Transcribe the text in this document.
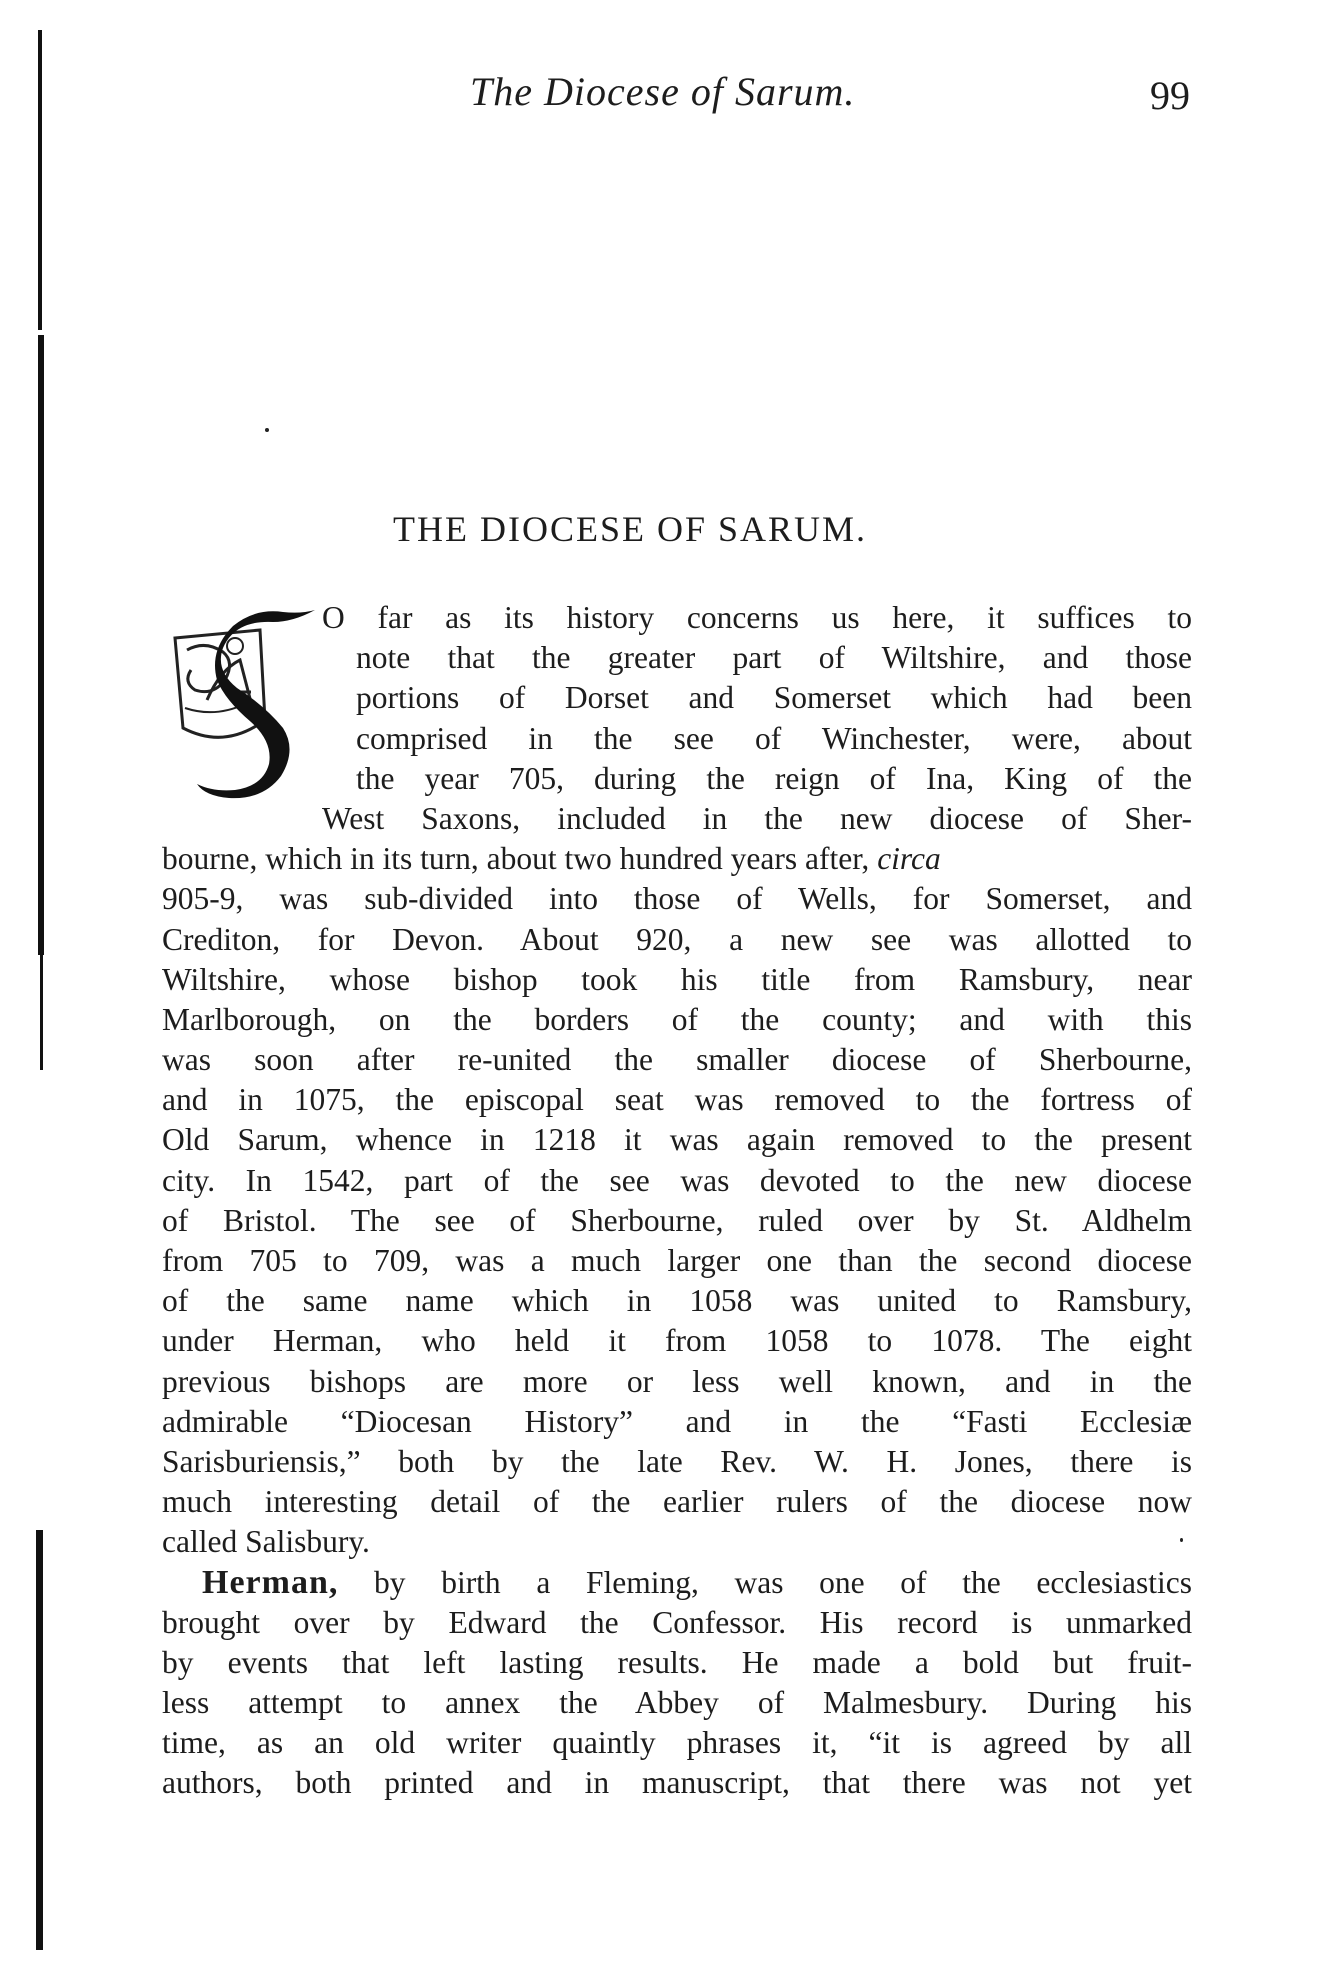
The Diocese of Sarum.	99
THE DIOCESE OF SARUM.
S	O far as its history concerns us here, it suffices to
note that the greater part of Wiltshire, and those
portions of Dorset and Somerset which had been
comprised in the see of Winchester, were, about
the year 705, during the reign of Ina, King of the
West Saxons, included in the new diocese of Sher-
bourne, which in its turn, about two hundred years after, circa
905-9, was sub-divided into those of Wells, for Somerset, and
Crediton, for Devon. About 920, a new see was allotted to
Wiltshire, whose bishop took his title from Ramsbury, near
Marlborough, on the borders of the county; and with this
was soon after re-united the smaller diocese of Sherbourne,
and in 1075, the episcopal seat was removed to the fortress of
Old Sarum, whence in 1218 it was again removed to the present
city. In 1542, part of the see was devoted to the new diocese
of Bristol. The see of Sherbourne, ruled over by St. Aldhelm
from 705 to 709, was a much larger one than the second diocese
of the same name which in 1058 was united to Ramsbury,
under Herman, who held it from 1058 to 1078. The eight
previous bishops are more or less well known, and in the
admirable “Diocesan History” and in the “Fasti Ecclesiæ
Sarisburiensis,” both by the late Rev. W. H. Jones, there is
much interesting detail of the earlier rulers of the diocese now
called Salisbury.
Herman, by birth a Fleming, was one of the ecclesiastics
brought over by Edward the Confessor. His record is unmarked
by events that left lasting results. He made a bold but fruit-
less attempt to annex the Abbey of Malmesbury. During his
time, as an old writer quaintly phrases it, “it is agreed by all
authors, both printed and in manuscript, that there was not yet
